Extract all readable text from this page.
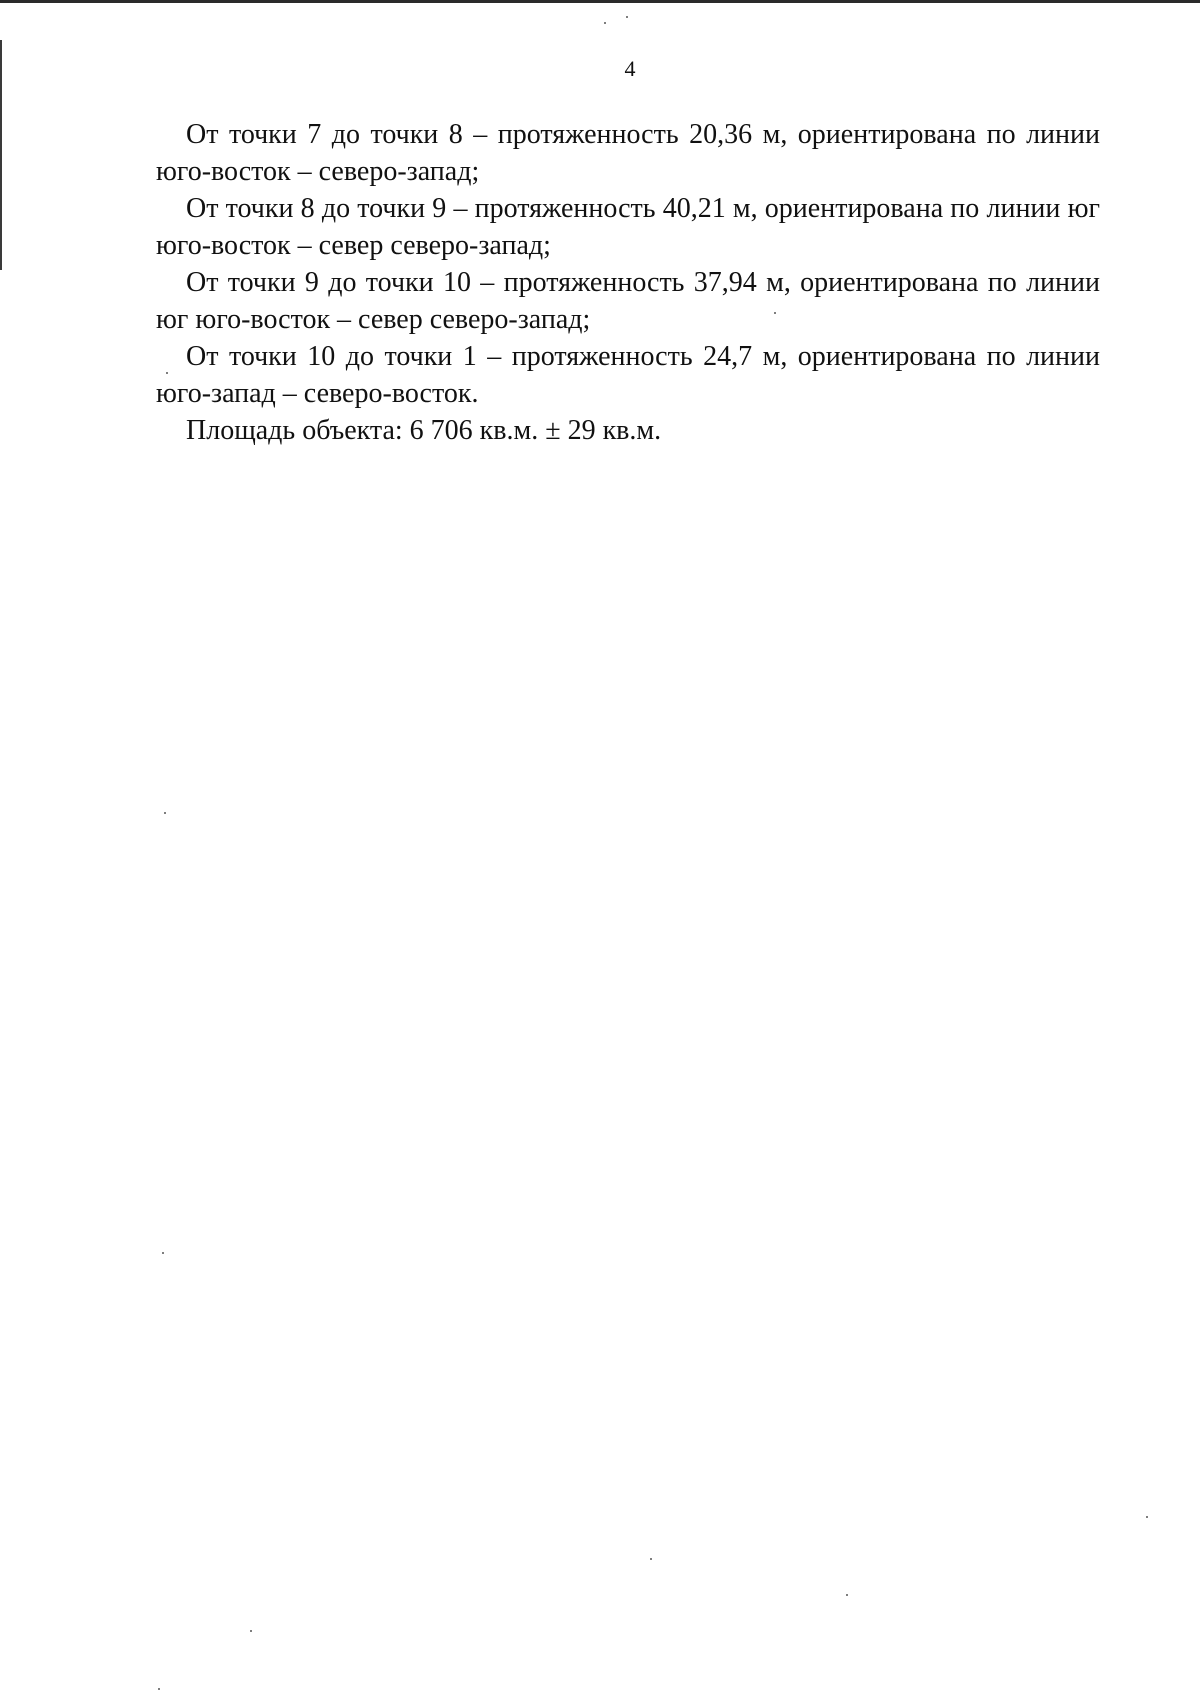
4

От точки 7 до точки 8 – протяженность 20,36 м, ориентирована по линии юго-восток – северо-запад;

От точки 8 до точки 9 – протяженность 40,21 м, ориентирована по линии юг юго-восток – север северо-запад;

От точки 9 до точки 10 – протяженность 37,94 м, ориентирована по линии юг юго-восток – север северо-запад;

От точки 10 до точки 1 – протяженность 24,7 м, ориентирована по линии юго-запад – северо-восток.

Площадь объекта: 6 706 кв.м. ± 29 кв.м.
